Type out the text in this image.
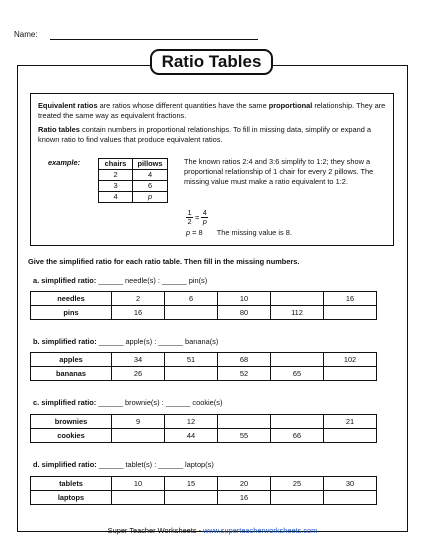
Name:
Ratio Tables
Equivalent ratios are ratios whose different quantities have the same proportional relationship. They are treated the same way as equivalent fractions.
Ratio tables contain numbers in proportional relationships. To fill in missing data, simplify or expand a known ratio to find values that produce equivalent ratios.
example:	chairs	pillows
2	4
3	6
4	p
The known ratios 2:4 and 3:6 simplify to 1:2; they show a proportional relationship of 1 chair for every 2 pillows. The missing value must make a ratio equivalent to 1:2.
1
2 =
4
p
p = 8 The missing value is 8.
Give the simplified ratio for each ratio table. Then fill in the missing numbers.
a. simplified ratio: ______ needle(s) : ______ pin(s)
needles	2	6	10		16
pins	16		80	112	
b. simplified ratio: ______ apple(s) : ______ banana(s)
apples	34	51	68		102
bananas	26		52	65	
c. simplified ratio: ______ brownie(s) : ______ cookie(s)
brownies	9	12			21
cookies		44	55	66	
d. simplified ratio: ______ tablet(s) : ______ laptop(s)
tablets	10	15	20	25	30
laptops			16		
Super Teacher Worksheets - www.superteacherworksheets.com
